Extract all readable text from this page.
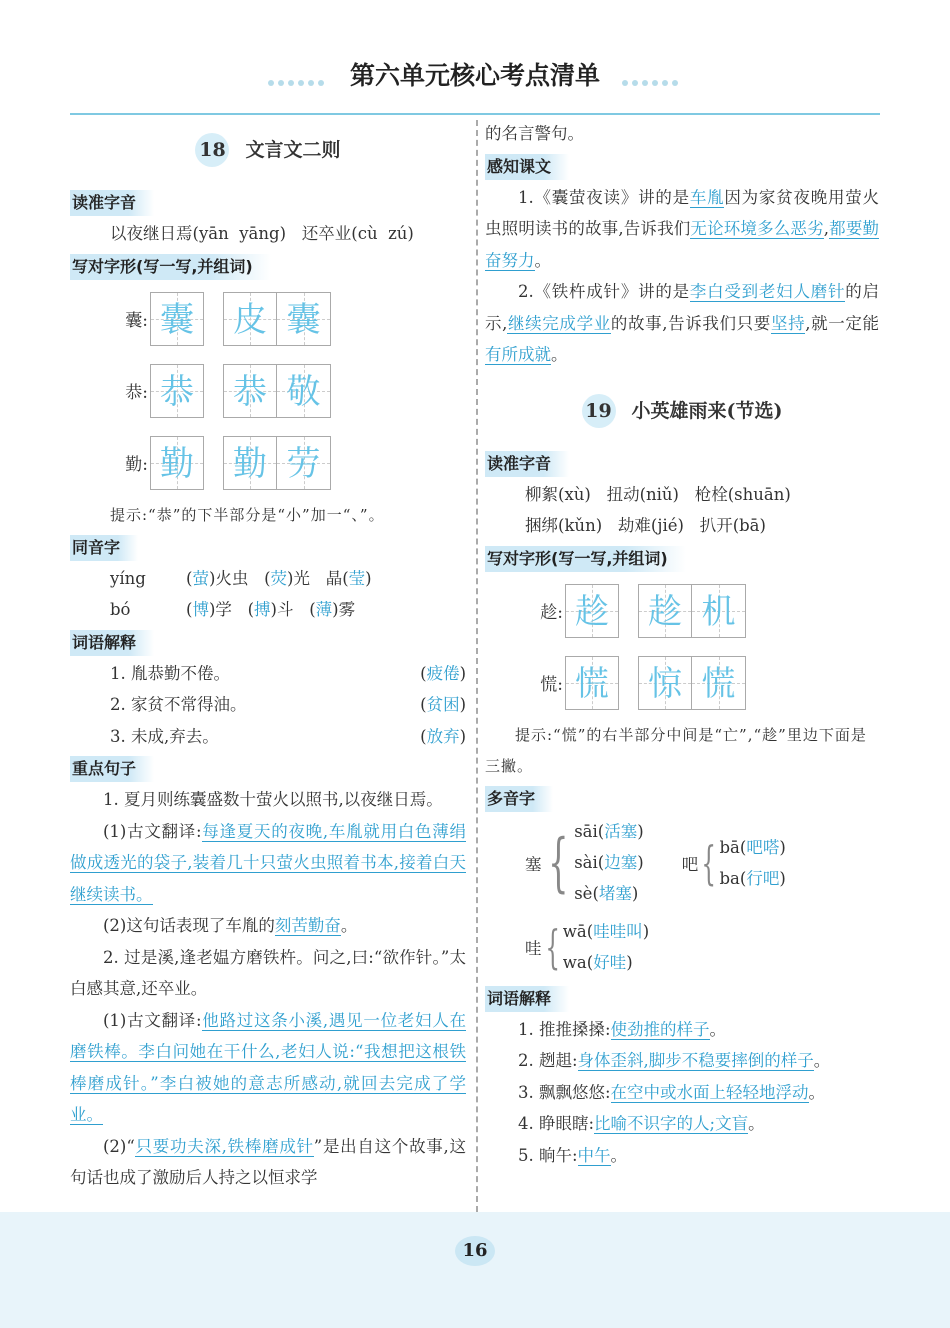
第六单元核心考点清单
18 文言文二则
读准字音
以夜继日焉(yān yāng) 还卒业(cù zú)
写对字形(写一写,并组词)
囊: 囊 皮 囊
恭: 恭 恭 敬
勤: 勤 勤 劳
提示:“恭”的下半部分是“小”加一“、”。
同音字
yíng (萤)火虫   (荧)光 晶(莹)
bó	(博)学   (搏)斗 (薄)雾
词语解释
1. 胤恭勤不倦。	(疲倦)
2. 家贫不常得油。	(贫困)
3. 未成,弃去。	(放弃)
重点句子
1. 夏月则练囊盛数十萤火以照书,以夜继日焉。
(1)古文翻译:每逢夏天的夜晚,车胤就用白色薄绢做成透光的袋子,装着几十只萤火虫照着书本,接着白天继续读书。
(2)这句话表现了车胤的刻苦勤奋。
2. 过是溪,逢老媪方磨铁杵。问之,曰:“欲作针。”太白感其意,还卒业。
(1)古文翻译:他路过这条小溪,遇见一位老妇人在磨铁棒。李白问她在干什么,老妇人说:“我想把这根铁棒磨成针。”李白被她的意志所感动,就回去完成了学业。
(2)“只要功夫深,铁棒磨成针”是出自这个故事,这句话也成了激励后人持之以恒求学
的名言警句。
感知课文
1.《囊萤夜读》讲的是车胤因为家贫夜晚用萤火虫照明读书的故事,告诉我们无论环境多么恶劣,都要勤奋努力。
2.《铁杵成针》讲的是李白受到老妇人磨针的启示,继续完成学业的故事,告诉我们只要坚持,就一定能有所成就。
19 小英雄雨来(节选)
读准字音
柳絮(xù) 扭动(niǔ) 枪栓(shuān)
捆绑(kǔn) 劫难(jié) 扒开(bā)
写对字形(写一写,并组词)
趁: 趁 趁 机
慌: 慌 惊 慌
提示:“慌”的右半部分中间是“亡”,“趁”里边下面是三撇。
多音字
塞 { sāi(活塞)
sài(边塞)
sè(堵塞)
吧 { bā(吧嗒)
ba(行吧)
哇 { wā(哇哇叫)
wa(好哇)
词语解释
1. 推推搡搡:使劲推的样子。
2. 趔趄:身体歪斜,脚步不稳要摔倒的样子。
3. 飘飘悠悠:在空中或水面上轻轻地浮动。
4. 睁眼瞎:比喻不识字的人;文盲。
5. 晌午:中午。
16
